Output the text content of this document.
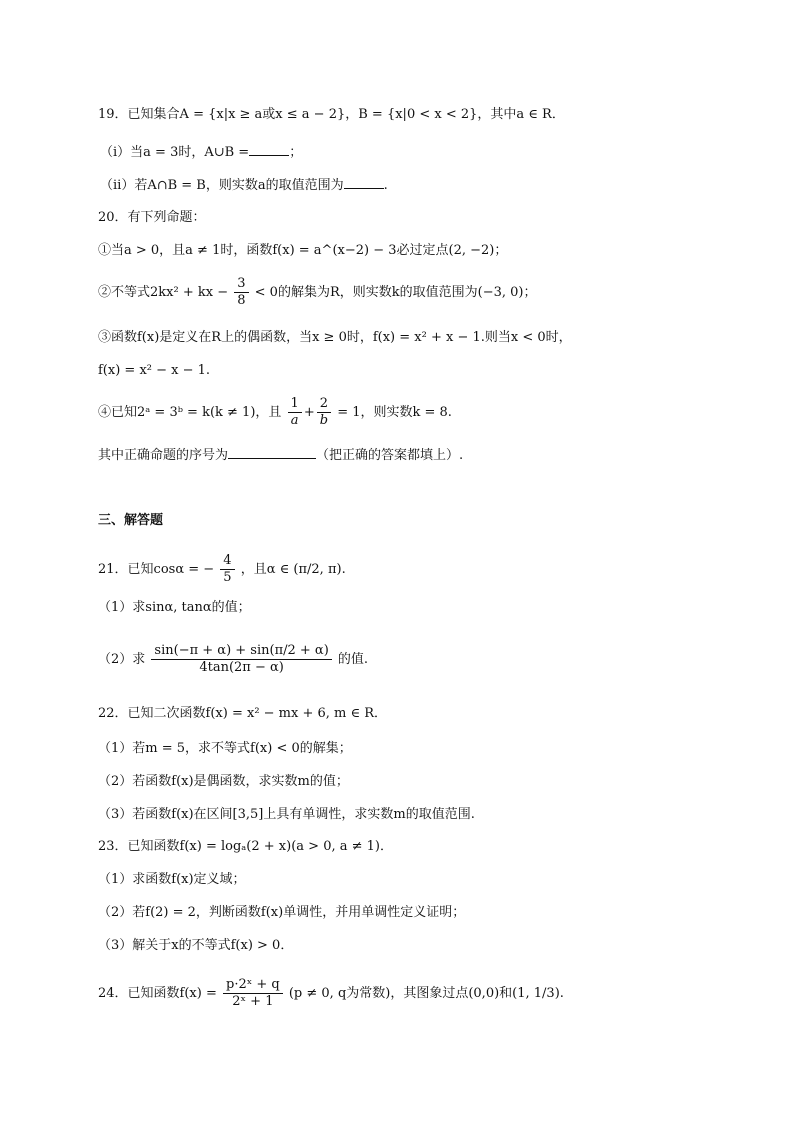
19．已知集合A = {x|x ≥ a或x ≤ a − 2}，B = {x|0 < x < 2}，其中a ∈ R．
（ⅰ）当a = 3时，A∪B =	；
（ⅱ）若A∩B = B，则实数a的取值范围为	.
20．有下列命题：
①当a > 0，且a ≠ 1时，函数f(x) = a^(x−2) − 3必过定点(2, −2)；
②不等式2kx² + kx − $\frac{3}{8} < 0$的解集为R，则实数k的取值范围为(−3, 0)；
③函数f(x)是定义在R上的偶函数，当x ≥ 0时，f(x) = x² + x − 1.则当x < 0时，
f(x) = x² − x − 1.
④已知2ᵃ = 3ᵇ = k(k ≠ 1)，且 $\frac{1}{a} + \frac{2}{b} = 1$，则实数k = 8.
其中正确命题的序号为	（把正确的答案都填上）.
三、解答题
21．已知cosα = − $\frac{4}{5}$ ，且α ∈ (π/2, π).
（1）求sinα, tanα的值；
（2）求 $\frac{\sin(-\pi + \alpha) + \sin(\pi/2 + \alpha)}{4\tan(2\pi - \alpha)}$ 的值.
22．已知二次函数f(x) = x² − mx + 6, m ∈ R．
（1）若m = 5，求不等式f(x) < 0的解集；
（2）若函数f(x)是偶函数，求实数m的值；
（3）若函数f(x)在区间[3,5]上具有单调性，求实数m的取值范围.
23．已知函数f(x) = logₐ(2 + x)(a > 0, a ≠ 1)．
（1）求函数f(x)定义域；
（2）若f(2) = 2，判断函数f(x)单调性，并用单调性定义证明；
（3）解关于x的不等式f(x) > 0．
24．已知函数$f(x) = \frac{\text{p·2ˣ + q}}{\text{2ˣ + 1}} (p \ne 0$, q为常数)，其图象过点(0,0)和(1, 1/3).
